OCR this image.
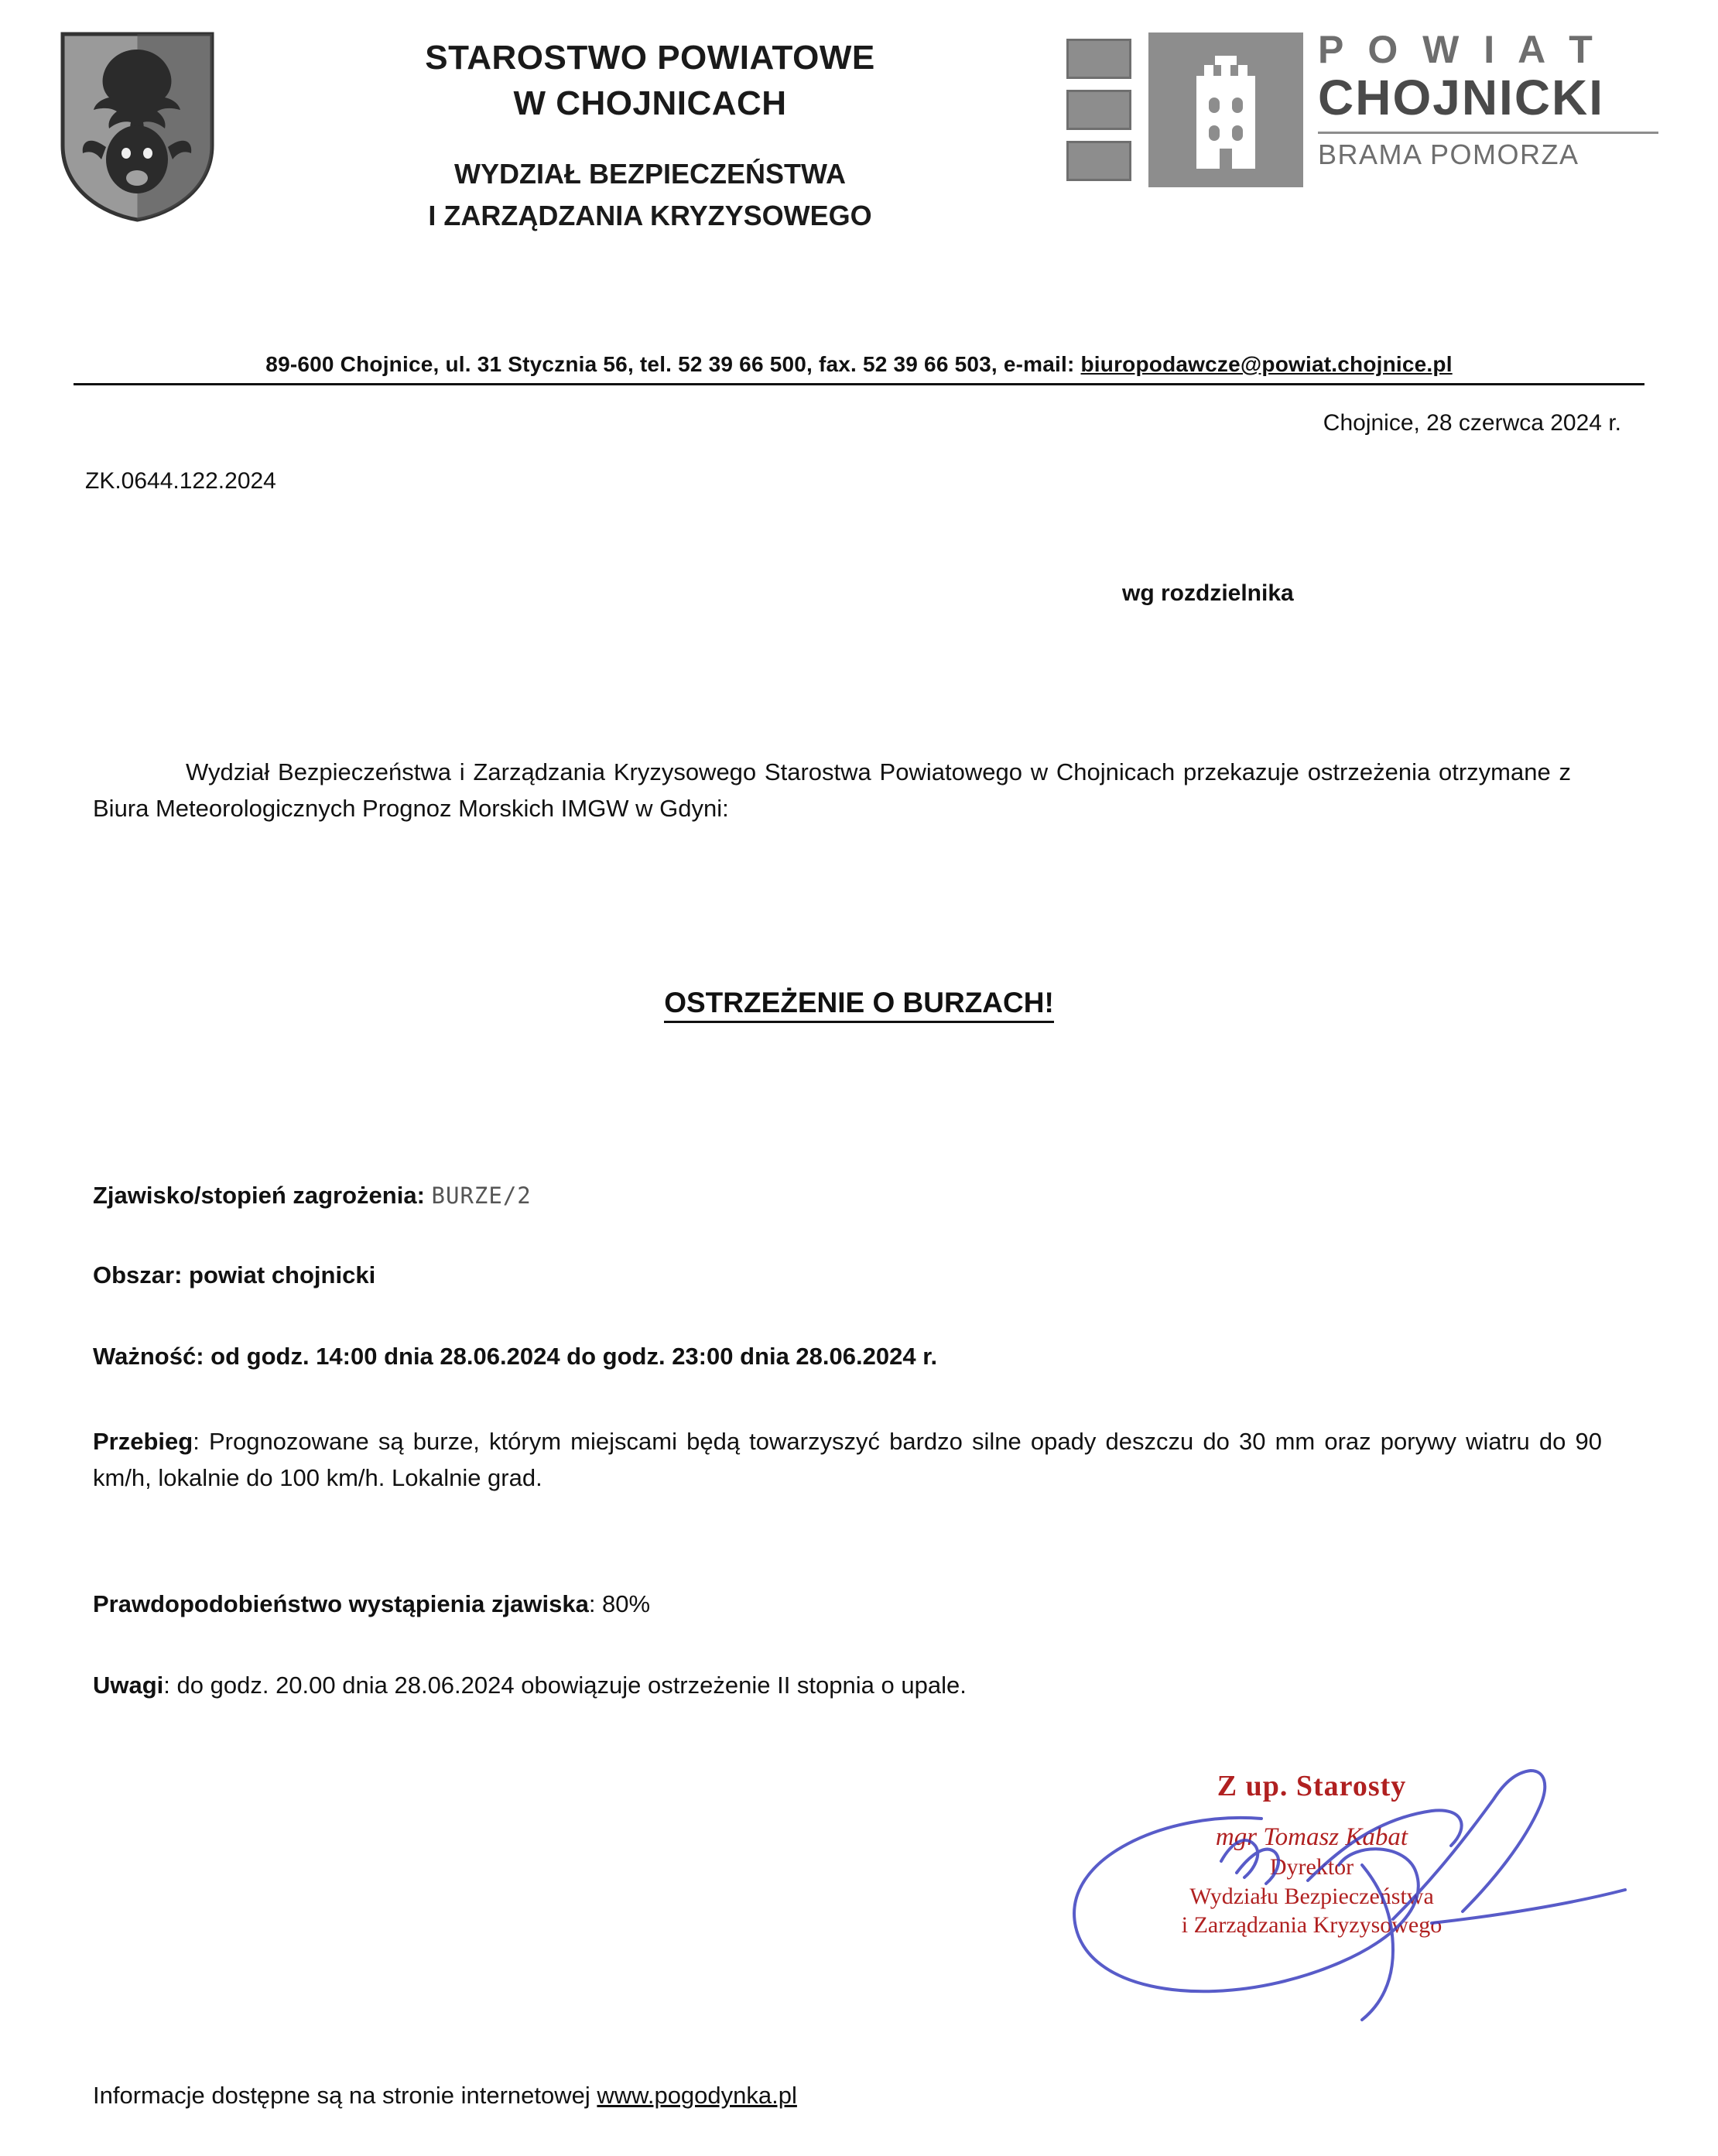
STAROSTWO POWIATOWE
W CHOJNICACH
WYDZIAŁ BEZPIECZEŃSTWA
I ZARZĄDZANIA KRYZYSOWEGO
P O W I A T
CHOJNICKI
BRAMA POMORZA
89-600 Chojnice, ul. 31 Stycznia 56, tel. 52 39 66 500, fax. 52 39 66 503, e-mail: biuropodawcze@powiat.chojnice.pl
Chojnice, 28 czerwca 2024 r.
ZK.0644.122.2024
wg rozdzielnika
Wydział Bezpieczeństwa i Zarządzania Kryzysowego Starostwa Powiatowego w Chojnicach przekazuje ostrzeżenia otrzymane z Biura Meteorologicznych Prognoz Morskich IMGW w Gdyni:
OSTRZEŻENIE O BURZACH!
Zjawisko/stopień zagrożenia: BURZE/2
Obszar: powiat chojnicki
Ważność: od godz. 14:00 dnia 28.06.2024 do godz. 23:00 dnia 28.06.2024 r.
Przebieg: Prognozowane są burze, którym miejscami będą towarzyszyć bardzo silne opady deszczu do 30 mm oraz porywy wiatru do 90 km/h, lokalnie do 100 km/h. Lokalnie grad.
Prawdopodobieństwo wystąpienia zjawiska: 80%
Uwagi: do godz. 20.00 dnia 28.06.2024 obowiązuje ostrzeżenie II stopnia o upale.
Z up. Starosty
mgr Tomasz Kabat
Dyrektor
Wydziału Bezpieczeństwa
i Zarządzania Kryzysowego
Informacje dostępne są na stronie internetowej www.pogodynka.pl
